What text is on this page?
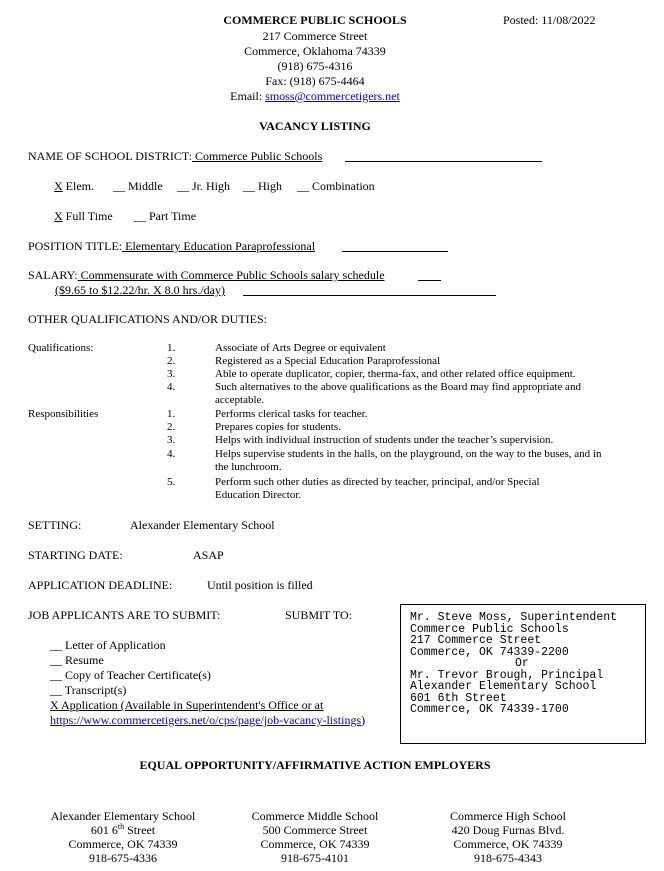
COMMERCE PUBLIC SCHOOLS	Posted: 11/08/2022
217 Commerce Street
Commerce, Oklahoma 74339
(918) 675-4316
Fax: (918) 675-4464
Email: smoss@commercetigers.net
VACANCY LISTING
NAME OF SCHOOL DISTRICT: Commerce Public Schools
X Elem. __ Middle __ Jr. High __ High __ Combination
X Full Time __ Part Time
POSITION TITLE: Elementary Education Paraprofessional
SALARY: Commensurate with Commerce Public Schools salary schedule
($9.65 to $12.22/hr. X 8.0 hrs./day)
OTHER QUALIFICATIONS AND/OR DUTIES:
Qualifications:	1.	Associate of Arts Degree or equivalent
2.	Registered as a Special Education Paraprofessional
3.	Able to operate duplicator, copier, therma-fax, and other related office equipment.
4.	Such alternatives to the above qualifications as the Board may find appropriate and acceptable.
Responsibilities	1.	Performs clerical tasks for teacher.
2.	Prepares copies for students.
3.	Helps with individual instruction of students under the teacher’s supervision.
4.	Helps supervise students in the halls, on the playground, on the way to the buses, and in the lunchroom.
5.	Perform such other duties as directed by teacher, principal, and/or Special Education Director.
SETTING:	Alexander Elementary School
STARTING DATE:	ASAP
APPLICATION DEADLINE:	Until position is filled
JOB APPLICANTS ARE TO SUBMIT:	SUBMIT TO:
__ Letter of Application
__ Resume
__ Copy of Teacher Certificate(s)
__ Transcript(s)
X Application (Available in Superintendent's Office or at
https://www.commercetigers.net/o/cps/page/job-vacancy-listings)
Mr. Steve Moss, Superintendent
Commerce Public Schools
217 Commerce Street
Commerce, OK 74339-2200
Or
Mr. Trevor Brough, Principal
Alexander Elementary School
601 6th Street
Commerce, OK 74339-1700
EQUAL OPPORTUNITY/AFFIRMATIVE ACTION EMPLOYERS
Alexander Elementary School
601 6th Street
Commerce, OK 74339
918-675-4336
Commerce Middle School
500 Commerce Street
Commerce, OK 74339
918-675-4101
Commerce High School
420 Doug Furnas Blvd.
Commerce, OK 74339
918-675-4343
